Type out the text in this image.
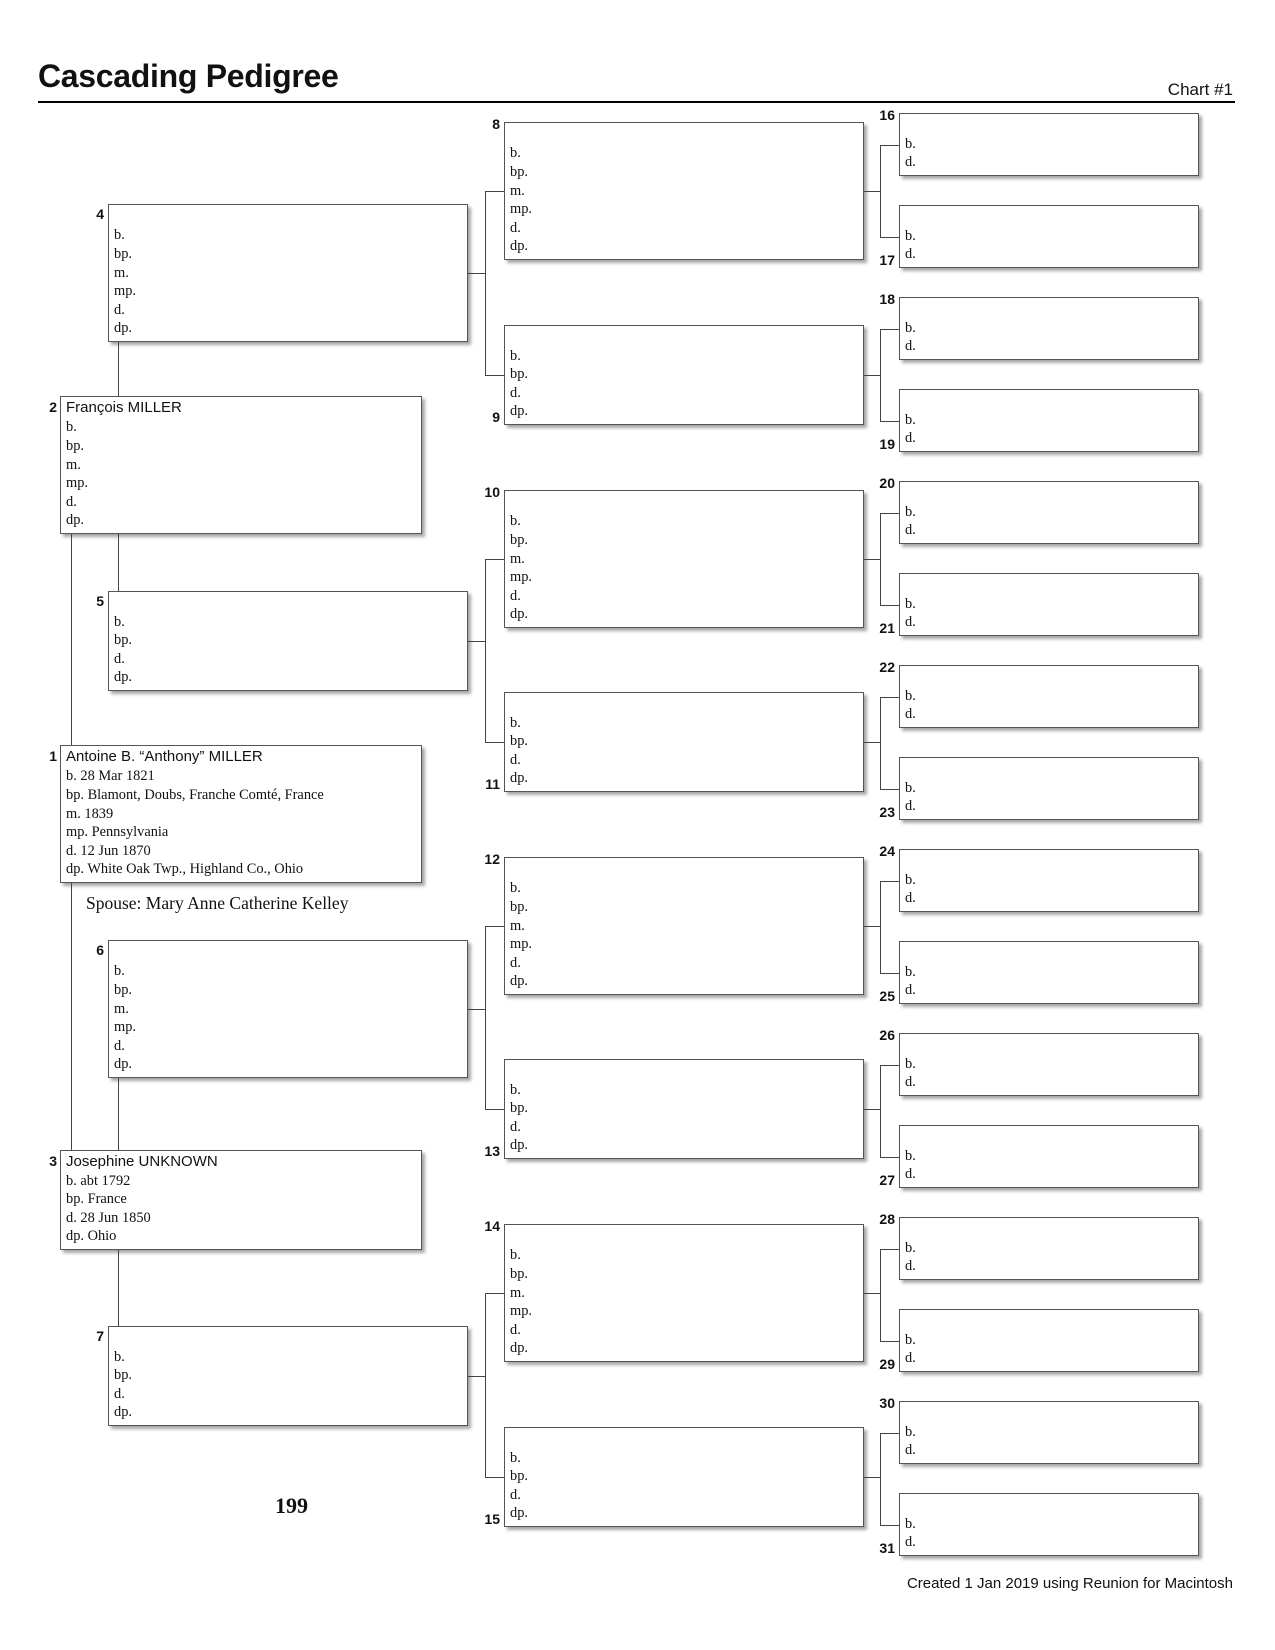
Cascading Pedigree	Chart #1
Antoine B. “Anthony” MILLER
b. 28 Mar 1821
bp. Blamont, Doubs, Franche Comté, France
m. 1839
mp. Pennsylvania
d. 12 Jun 1870
dp. White Oak Twp., Highland Co., Ohio
1
François MILLER
b.
bp.
m.
mp.
d.
dp.
2
Josephine UNKNOWN
b. abt 1792
bp. France
d. 28 Jun 1850
dp. Ohio
3
b.
bp.
m.
mp.
d.
dp.
4
b.
bp.
d.
dp.
5
b.
bp.
m.
mp.
d.
dp.
6
b.
bp.
d.
dp.
7
b.
bp.
m.
mp.
d.
dp.
8
b.
bp.
d.
dp.
9
b.
bp.
m.
mp.
d.
dp.
10
b.
bp.
d.
dp.
11
b.
bp.
m.
mp.
d.
dp.
12
b.
bp.
d.
dp.
13
b.
bp.
m.
mp.
d.
dp.
14
b.
bp.
d.
dp.
15
b.
d.
16
b.
d.
17
b.
d.
18
b.
d.
19
b.
d.
20
b.
d.
21
b.
d.
22
b.
d.
23
b.
d.
24
b.
d.
25
b.
d.
26
b.
d.
27
b.
d.
28
b.
d.
29
b.
d.
30
b.
d.
31
Spouse: Mary Anne Catherine Kelley
199
Created 1 Jan 2019 using Reunion for Macintosh
